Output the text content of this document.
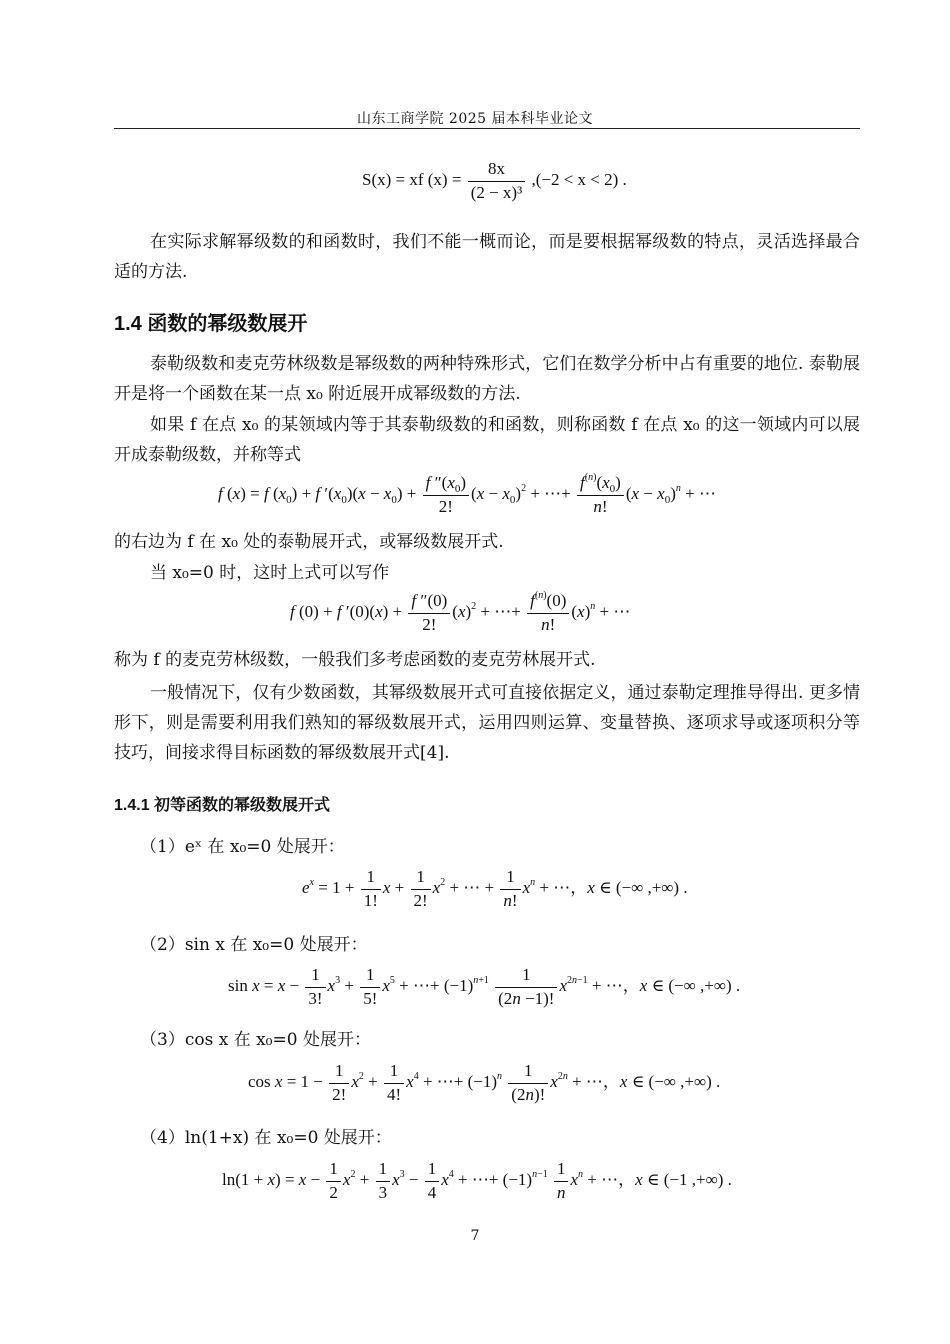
山东工商学院 2025 届本科毕业论文
S(x) = xf $(x) = \frac{8x}{\text{(2 − x)³}} ,(-2 < x < 2)$ .
在实际求解幂级数的和函数时，我们不能一概而论，而是要根据幂级数的特点，灵活选择最合适的方法.
1.4 函数的幂级数展开
泰勒级数和麦克劳林级数是幂级数的两种特殊形式，它们在数学分析中占有重要的地位. 泰勒展开是将一个函数在某一点 x₀ 附近展开成幂级数的方法.
如果 f 在点 x₀ 的某领域内等于其泰勒级数的和函数，则称函数 f 在点 x₀ 的这一领域内可以展开成泰勒级数，并称等式
f (x) = f $(x_0) + f$ $'(x_0)(x - x_0) + \frac{f ''(x_0)}{2!} (x - x_0)^2$ + ⋯+ $\frac{f^{(n)}(x_0)}{n!} (x - x_0)^n$ + ⋯
的右边为 f 在 x₀ 处的泰勒展开式，或幂级数展开式.
当 x₀=0 时，这时上式可以写作
f (0) + f $'(0)(x) + \frac{f ''(0)}{2!} (x)^2$ + ⋯+ $\frac{f^{(n)}(0)}{n!} (x)^n$ + ⋯
称为 f 的麦克劳林级数，一般我们多考虑函数的麦克劳林展开式.
一般情况下，仅有少数函数，其幂级数展开式可直接依据定义，通过泰勒定理推导得出. 更多情形下，则是需要利用我们熟知的幂级数展开式，运用四则运算、变量替换、逐项求导或逐项积分等技巧，间接求得目标函数的幂级数展开式[4].
1.4.1 初等函数的幂级数展开式
（1）eˣ 在 x₀=0 处展开：
$e^x = 1 + \frac{1}{1!}$ $x + \frac{1}{2!} x^2$ + ⋯ + $\frac{1}{n!} x^n$ + ⋯，x ∈ (−∞ ,+∞) .
（2）sin x 在 x₀=0 处展开：
$\sin x = x - \frac{1}{3!} x^3 + \frac{1}{5!} x^5$ + ⋯+ $(-1)^{n+1} \frac{1}{(2n -1)!} x^{2n-1}$ + ⋯，x ∈ (−∞ ,+∞) .
（3）cos x 在 x₀=0 处展开：
$\cos x = 1 - \frac{1}{2!} x^2 + \frac{1}{4!} x^4$ + ⋯+ $(-1)^n \frac{1}{(2n)!} x^{2n}$ + ⋯，x ∈ (−∞ ,+∞) .
（4）ln(1+x) 在 x₀=0 处展开：
$\ln(1 + x) = x - \frac{1}{2} x^2 + \frac{1}{3} x^3 - \frac{1}{4} x^4$ + ⋯+ $(-1)^{n-1} \frac{1}{n} x^n$ + ⋯，x ∈ (−1 ,+∞) .
7
